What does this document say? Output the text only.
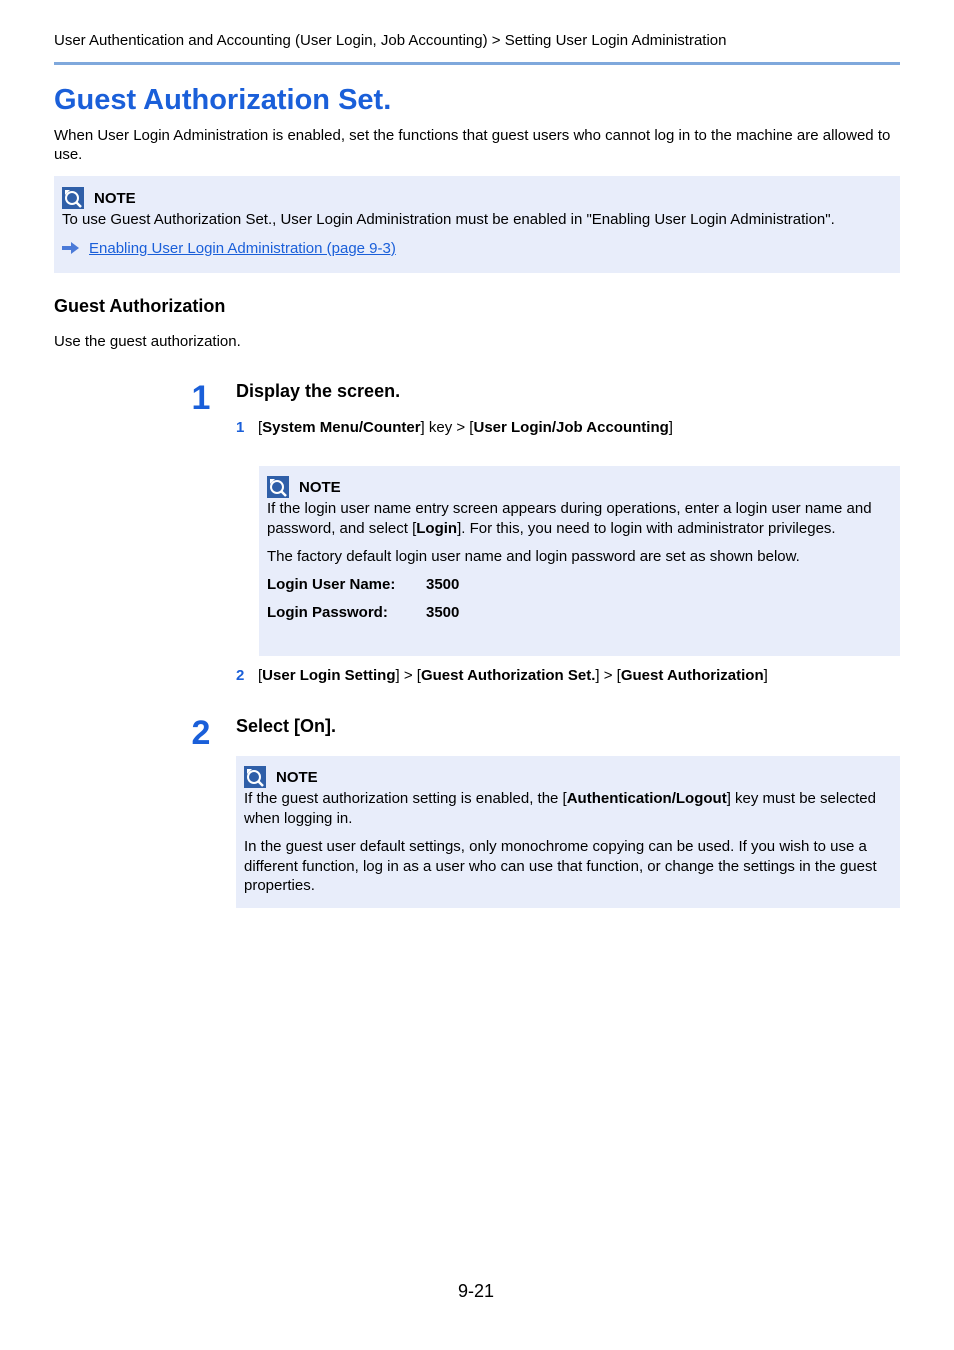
User Authentication and Accounting (User Login, Job Accounting) > Setting User Login Administration
Guest Authorization Set.

When User Login Administration is enabled, set the functions that guest users who cannot log in to the machine are allowed to use.

NOTE

To use Guest Authorization Set., User Login Administration must be enabled in "Enabling User Login Administration".

Enabling User Login Administration (page 9-3)
Guest Authorization

Use the guest authorization.

1	Display the screen.
1 [System Menu/Counter] key > [User Login/Job Accounting]
NOTE

If the login user name entry screen appears during operations, enter a login user name and password, and select [Login]. For this, you need to login with administrator privileges.

The factory default login user name and login password are set as shown below.

Login User Name:	3500
Login Password:	3500
2 [User Login Setting] > [Guest Authorization Set.] > [Guest Authorization]
2	Select [On].
NOTE

If the guest authorization setting is enabled, the [Authentication/Logout] key must be selected when logging in.

In the guest user default settings, only monochrome copying can be used. If you wish to use a different function, log in as a user who can use that function, or change the settings in the guest properties.

9-21
